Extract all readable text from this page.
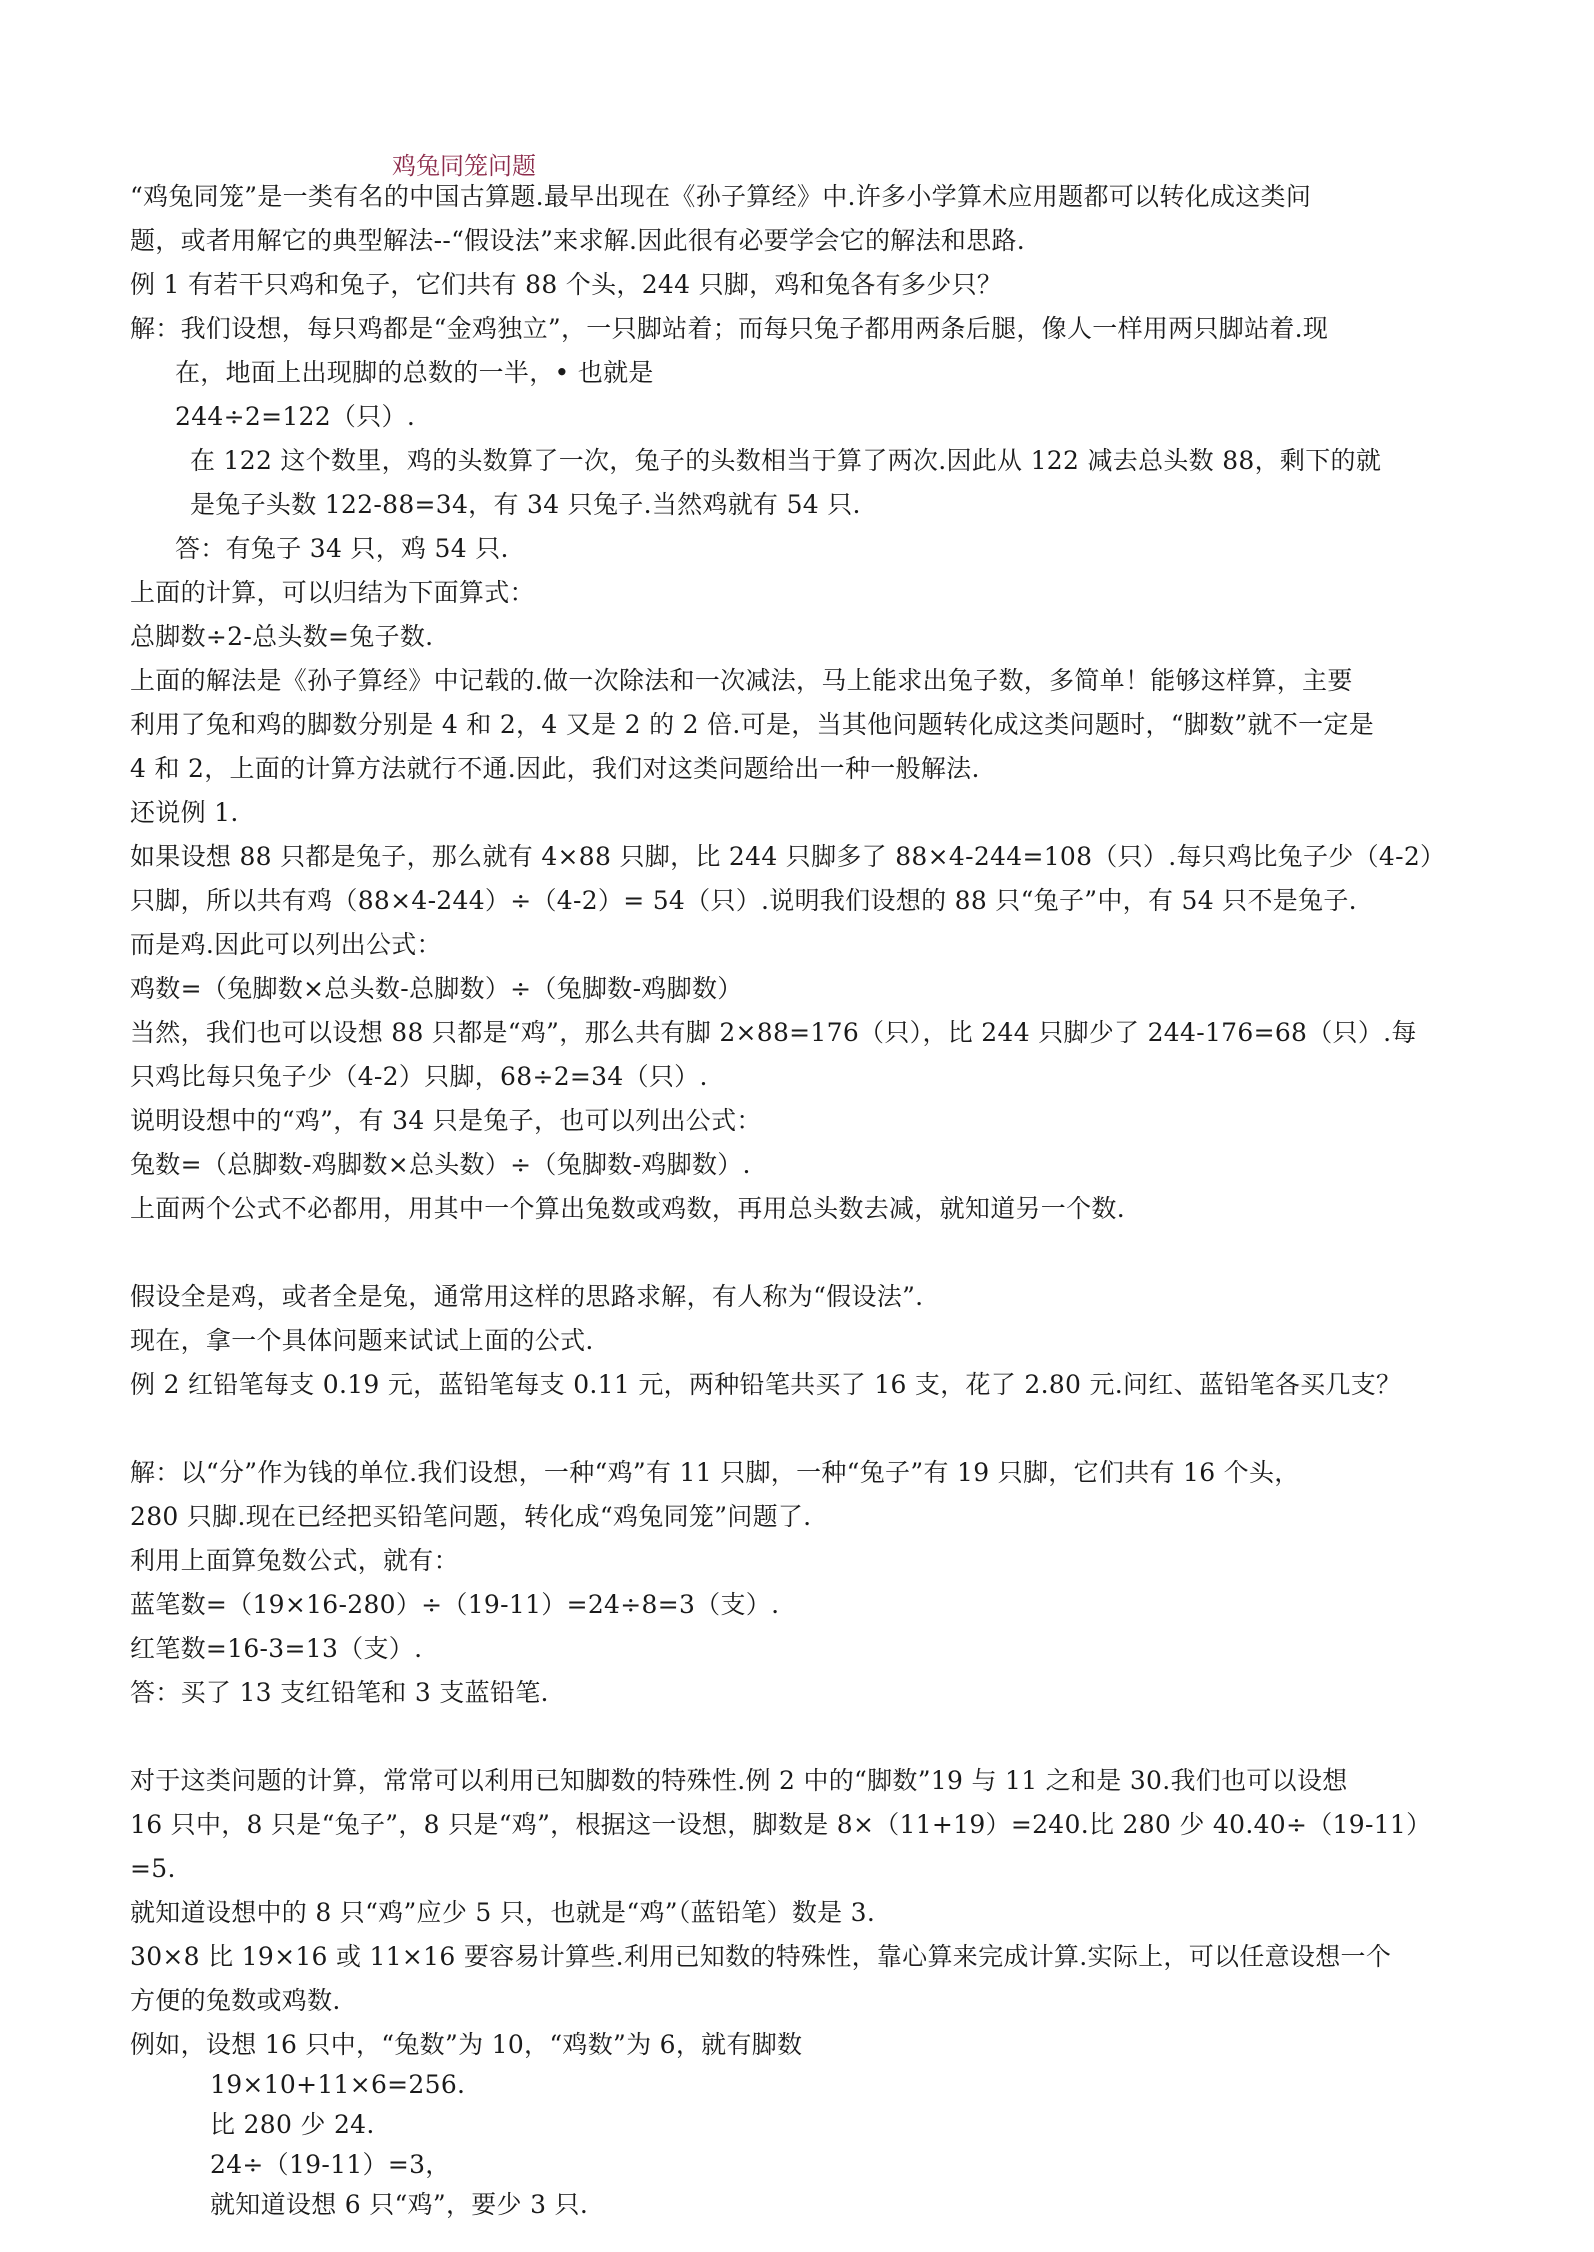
鸡兔同笼问题
“鸡兔同笼”是一类有名的中国古算题.最早出现在《孙子算经》中.许多小学算术应用题都可以转化成这类问
题，或者用解它的典型解法--“假设法”来求解.因此很有必要学会它的解法和思路.
例 1 有若干只鸡和兔子，它们共有 88 个头，244 只脚，鸡和兔各有多少只？
解：我们设想，每只鸡都是“金鸡独立”，一只脚站着；而每只兔子都用两条后腿，像人一样用两只脚站着.现
在，地面上出现脚的总数的一半，• 也就是
244÷2=122（只）.
在 122 这个数里，鸡的头数算了一次，兔子的头数相当于算了两次.因此从 122 减去总头数 88，剩下的就
是兔子头数 122-88=34，有 34 只兔子.当然鸡就有 54 只.
答：有兔子 34 只，鸡 54 只.
上面的计算，可以归结为下面算式：
总脚数÷2-总头数=兔子数.
上面的解法是《孙子算经》中记载的.做一次除法和一次减法，马上能求出兔子数，多简单！能够这样算，主要
利用了兔和鸡的脚数分别是 4 和 2，4 又是 2 的 2 倍.可是，当其他问题转化成这类问题时，“脚数”就不一定是
4 和 2，上面的计算方法就行不通.因此，我们对这类问题给出一种一般解法.
还说例 1.
如果设想 88 只都是兔子，那么就有 4×88 只脚，比 244 只脚多了 88×4-244=108（只）.每只鸡比兔子少（4-2）
只脚，所以共有鸡（88×4-244）÷（4-2）= 54（只）.说明我们设想的 88 只“兔子”中，有 54 只不是兔子.
而是鸡.因此可以列出公式：
鸡数=（兔脚数×总头数-总脚数）÷（兔脚数-鸡脚数）
当然，我们也可以设想 88 只都是“鸡”，那么共有脚 2×88=176（只），比 244 只脚少了 244-176=68（只）.每
只鸡比每只兔子少（4-2）只脚，68÷2=34（只）.
说明设想中的“鸡”，有 34 只是兔子，也可以列出公式：
兔数=（总脚数-鸡脚数×总头数）÷（兔脚数-鸡脚数）.
上面两个公式不必都用，用其中一个算出兔数或鸡数，再用总头数去减，就知道另一个数.
假设全是鸡，或者全是兔，通常用这样的思路求解，有人称为“假设法”.
现在，拿一个具体问题来试试上面的公式.
例 2 红铅笔每支 0.19 元，蓝铅笔每支 0.11 元，两种铅笔共买了 16 支，花了 2.80 元.问红、蓝铅笔各买几支？
解：以“分”作为钱的单位.我们设想，一种“鸡”有 11 只脚，一种“兔子”有 19 只脚，它们共有 16 个头，
280 只脚.现在已经把买铅笔问题，转化成“鸡兔同笼”问题了.
利用上面算兔数公式，就有：
蓝笔数=（19×16-280）÷（19-11）=24÷8=3（支）.
红笔数=16-3=13（支）.
答：买了 13 支红铅笔和 3 支蓝铅笔.
对于这类问题的计算，常常可以利用已知脚数的特殊性.例 2 中的“脚数”19 与 11 之和是 30.我们也可以设想
16 只中，8 只是“兔子”，8 只是“鸡”，根据这一设想，脚数是 8×（11+19）=240.比 280 少 40.40÷（19-11）
=5.
就知道设想中的 8 只“鸡”应少 5 只，也就是“鸡”（蓝铅笔）数是 3.
30×8 比 19×16 或 11×16 要容易计算些.利用已知数的特殊性，靠心算来完成计算.实际上，可以任意设想一个
方便的兔数或鸡数.
例如，设想 16 只中，“兔数”为 10，“鸡数”为 6，就有脚数
19×10+11×6=256.
比 280 少 24.
24÷（19-11）=3，
就知道设想 6 只“鸡”，要少 3 只.
